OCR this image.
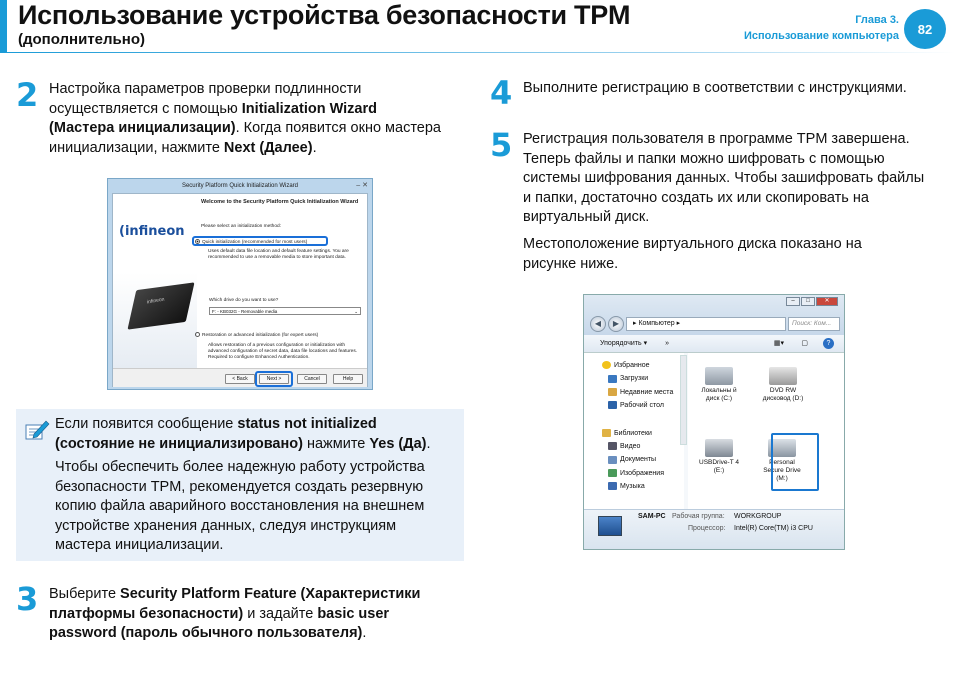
Использование устройства безопасности TPM
(дополнительно)
Глава 3.
Использование компьютера	82
2 Настройка параметров проверки подлинности
осуществляется с помощью Initialization Wizard
(Мастера инициализации). Когда появится окно мастера
инициализации, нажмите Next (Далее).
Security Platform Quick Initialization Wizard	– ✕
(infineon
infineon
Welcome to the Security Platform Quick Initialization Wizard
Please select an initialization method:
Quick initialization (recommended for most users)
Uses default data file location and default feature settings. You are recommended to use a removable media to store important data.
Which drive do you want to use?
F: - KB032G - Removable media	⌄
Restoration or advanced initialization (for expert users)
Allows restoration of a previous configuration or initialization with advanced configuration of secret data, data file locations and features. Required to configure Enhanced Authentication.
< Back	Next >	Cancel	Help
Если появится сообщение status not initialized
(состояние не инициализировано) нажмите Yes (Да).
Чтобы обеспечить более надежную работу устройства
безопасности TPM, рекомендуется создать резервную
копию файла аварийного восстановления на внешнем
устройстве хранения данных, следуя инструкциям
мастера инициализации.
3 Выберите Security Platform Feature (Характеристики
платформы безопасности) и задайте basic user
password (пароль обычного пользователя).
4 Выполните регистрацию в соответствии с инструкциями.
5 Регистрация пользователя в программе TPM завершена.
Теперь файлы и папки можно шифровать с помощью
системы шифрования данных. Чтобы зашифровать файлы
и папки, достаточно создать их или скопировать на
виртуальный диск.
Местоположение виртуального диска показано на
рисунке ниже.
–	□	✕
◀	▶	▸ Компьютер ▸	Поиск: Ком...
Упорядочить ▾	»	▦▾ ▢	?
Избранное
Загрузки
Недавние места
Рабочий стол
Библиотеки
Видео
Документы
Изображения
Музыка
Локальны й диск (C:)
DVD RW дисковод (D:)
USBDrive-T 4 (E:)
Personal Secure Drive (M:)
SAM-PC Рабочая группа: WORKGROUP
Процессор: Intel(R) Core(TM) i3 CPU
